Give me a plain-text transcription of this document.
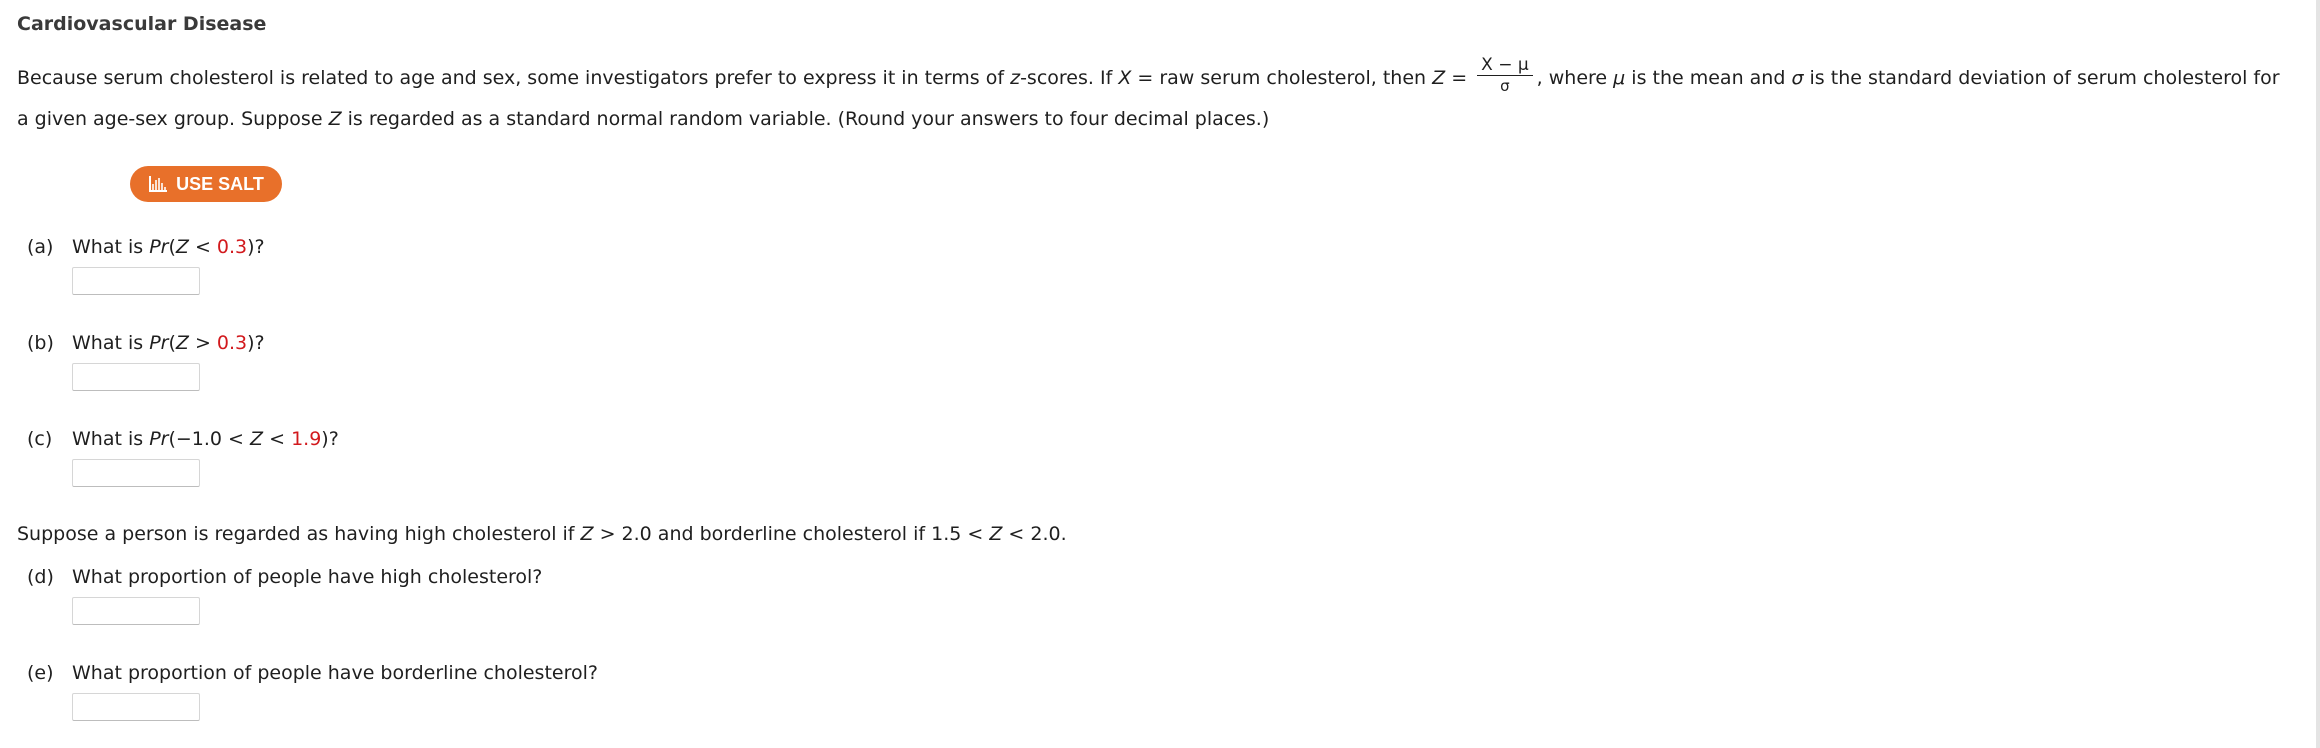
Cardiovascular Disease
Because serum cholesterol is related to age and sex, some investigators prefer to express it in terms of z-scores. If X = raw serum cholesterol, then $Z = \frac{X - \mu}{\sigma}$ , where μ is the mean and σ is the standard deviation of serum cholesterol for a given age-sex group. Suppose Z is regarded as a standard normal random variable. (Round your answers to four decimal places.)
USE SALT
(a) What is Pr(Z < 0.3)?
(b) What is Pr(Z > 0.3)?
(c) What is Pr(−1.0 < Z < 1.9)?
Suppose a person is regarded as having high cholesterol if Z > 2.0 and borderline cholesterol if 1.5 < Z < 2.0.
(d) What proportion of people have high cholesterol?
(e) What proportion of people have borderline cholesterol?
